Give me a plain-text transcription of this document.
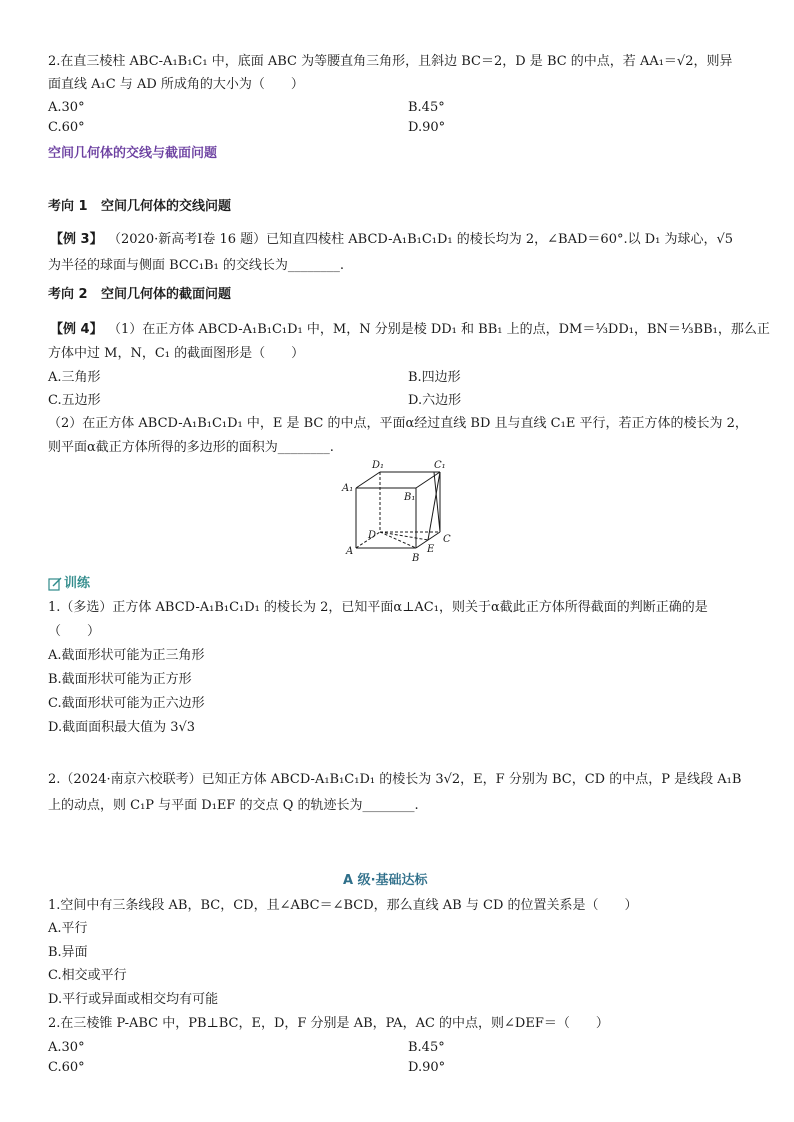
2.在直三棱柱 ABC-A₁B₁C₁ 中，底面 ABC 为等腰直角三角形，且斜边 BC＝2，D 是 BC 的中点，若 AA₁＝√2，则异
面直线 A₁C 与 AD 所成角的大小为（　　）
A.30°	B.45°
C.60°	D.90°
空间几何体的交线与截面问题
考向 1 空间几何体的交线问题
【例 3】 （2020·新高考Ⅰ卷 16 题）已知直四棱柱 ABCD-A₁B₁C₁D₁ 的棱长均为 2，∠BAD＝60°.以 D₁ 为球心，√5
为半径的球面与侧面 BCC₁B₁ 的交线长为________.
考向 2 空间几何体的截面问题
【例 4】 （1）在正方体 ABCD-A₁B₁C₁D₁ 中，M，N 分别是棱 DD₁ 和 BB₁ 上的点，DM＝⅓DD₁，BN＝⅓BB₁，那么正
方体中过 M，N，C₁ 的截面图形是（　　）
A.三角形	B.四边形
C.五边形	D.六边形
（2）在正方体 ABCD-A₁B₁C₁D₁ 中，E 是 BC 的中点，平面α经过直线 BD 且与直线 C₁E 平行，若正方体的棱长为 2，
则平面α截正方体所得的多边形的面积为________.
D₁	C₁
A₁
B₁
D	C
A	E
B
训练
1.（多选）正方体 ABCD-A₁B₁C₁D₁ 的棱长为 2，已知平面α⊥AC₁，则关于α截此正方体所得截面的判断正确的是
（　　）
A.截面形状可能为正三角形
B.截面形状可能为正方形
C.截面形状可能为正六边形
D.截面面积最大值为 3√3
2.（2024·南京六校联考）已知正方体 ABCD-A₁B₁C₁D₁ 的棱长为 3√2，E，F 分别为 BC，CD 的中点，P 是线段 A₁B
上的动点，则 C₁P 与平面 D₁EF 的交点 Q 的轨迹长为________.
A 级·基础达标
1.空间中有三条线段 AB，BC，CD，且∠ABC＝∠BCD，那么直线 AB 与 CD 的位置关系是（　　）
A.平行
B.异面
C.相交或平行
D.平行或异面或相交均有可能
2.在三棱锥 P-ABC 中，PB⊥BC，E，D，F 分别是 AB，PA，AC 的中点，则∠DEF＝（　　）
A.30°	B.45°
C.60°	D.90°
